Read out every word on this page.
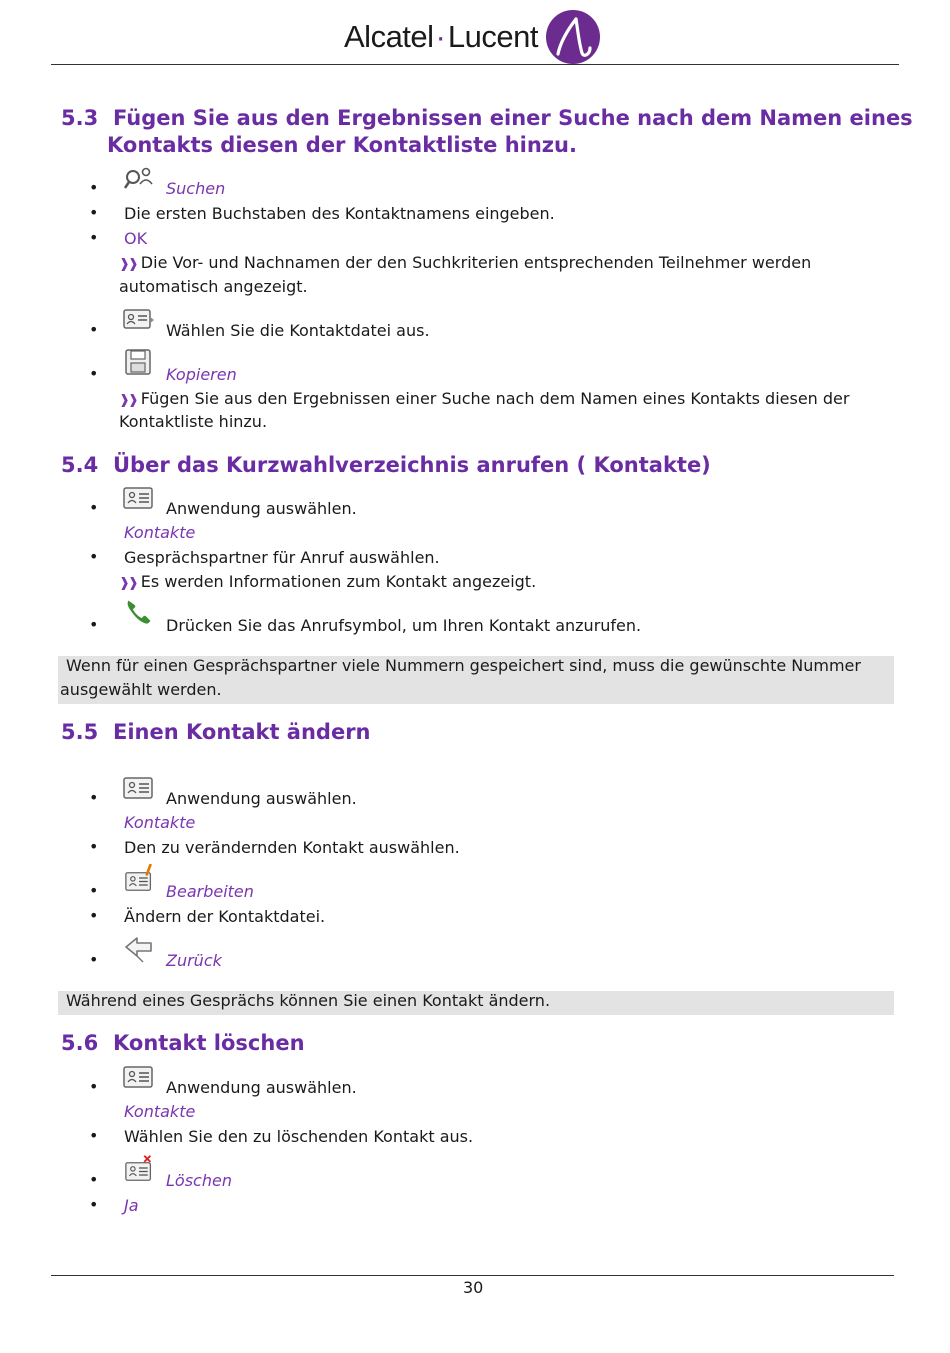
Alcatel · Lucent
5.3 Fügen Sie aus den Ergebnissen einer Suche nach dem Namen eines
Kontakts diesen der Kontaktliste hinzu.
•	Suchen
• Die ersten Buchstaben des Kontaktnamens eingeben.
• OK
❱❱ Die Vor- und Nachnamen der den Suchkriterien entsprechenden Teilnehmer werden
automatisch angezeigt.
•	Wählen Sie die Kontaktdatei aus.
•	Kopieren
❱❱ Fügen Sie aus den Ergebnissen einer Suche nach dem Namen eines Kontakts diesen der
Kontaktliste hinzu.
5.4 Über das Kurzwahlverzeichnis anrufen ( Kontakte)
•	Anwendung auswählen.
Kontakte
• Gesprächspartner für Anruf auswählen.
❱❱ Es werden Informationen zum Kontakt angezeigt.
•	Drücken Sie das Anrufsymbol, um Ihren Kontakt anzurufen.
Wenn für einen Gesprächspartner viele Nummern gespeichert sind, muss die gewünschte Nummer
ausgewählt werden.
5.5 Einen Kontakt ändern
•	Anwendung auswählen.
Kontakte
• Den zu verändernden Kontakt auswählen.
•	Bearbeiten
• Ändern der Kontaktdatei.
•	Zurück
Während eines Gesprächs können Sie einen Kontakt ändern.
5.6 Kontakt löschen
•	Anwendung auswählen.
Kontakte
• Wählen Sie den zu löschenden Kontakt aus.
•	Löschen
• Ja
30
